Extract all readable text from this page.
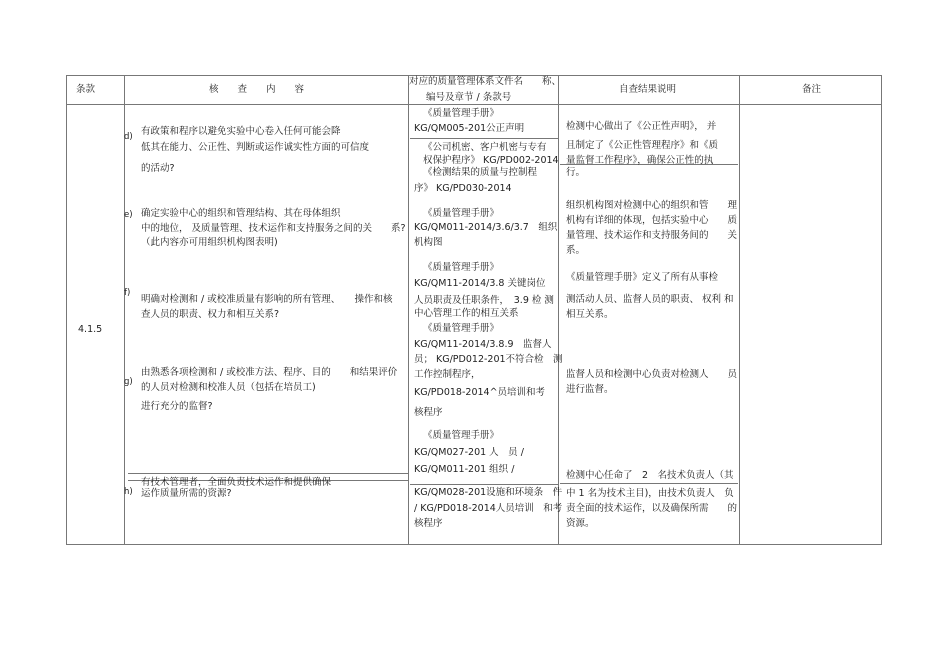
条款	核　　查　　内　　容
对应的质量管理体系文件名　　称、
编号及章节 / 条款号
自查结果说明	备注
4.1.5
d) 有政策和程序以避免实验中心卷入任何可能会降
低其在能力、公正性、判断或运作诚实性方面的可信度
的活动?
《质量管理手册》
KG/QM005-201公正声明
《公司机密、客户机密与专有
权保护程序》 KG/PD002-2014
《检测结果的质量与控制程
序》 KG/PD030-2014
检测中心做出了《公正性声明》， 并
且制定了《公正性管理程序》和《质
量监督工作程序》，确保公正性的执
行。
e) 确定实验中心的组织和管理结构、其在母体组织
中的地位， 及质量管理、技术运作和支持服务之间的关　　系?
（此内容亦可用组织机构图表明)
《质量管理手册》
KG/QM011-2014/3.6/3.7　组织
机构图
组织机构图对检测中心的组织和管　　理
机构有详细的体现，包括实验中心　　质
量管理、技术运作和支持服务间的　　关
系。
f)
明确对检测和 / 或校准质量有影响的所有管理、　　操作和核
查人员的职责、权力和相互关系?
《质量管理手册》
KG/QM11-2014/3.8 关键岗位
人员职责及任职条件，　3.9 检 测
中心管理工作的相互关系
《质量管理手册》定义了所有从事检
测活动人员、监督人员的职责、 权利 和
相互关系。
g)
由熟悉各项检测和 / 或校准方法、程序、目的　　和结果评价
的人员对检测和校准人员（包括在培员工)
进行充分的监督?
《质量管理手册》
KG/QM11-2014/3.8.9　监督人
员； KG/PD012-201不符合检　测
工作控制程序，
KG/PD018-2014^员培训和考
核程序
监督人员和检测中心负责对检测人　　员
进行监督。
h)
有技术管理者，全面负责技术运作和提供确保
运作质量所需的资源?
《质量管理手册》
KG/QM027-201 人　员 /
KG/QM011-201 组织 /
KG/QM028-201设施和环境条　件
/ KG/PD018-2014人员培训　和考
核程序
检测中心任命了　2　名技术负责人（其
中 1 名为技术主目)，由技术负责人　负
责全面的技术运作，以及确保所需　　的
资源。
